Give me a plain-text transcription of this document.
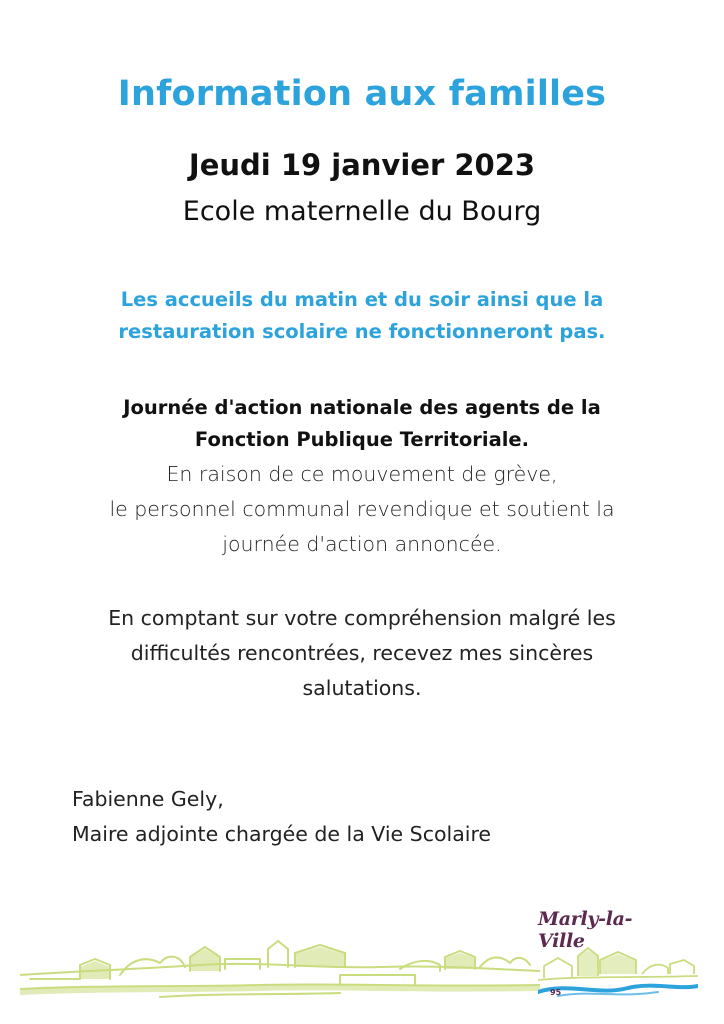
Information aux familles

Jeudi 19 janvier 2023

Ecole maternelle du Bourg

Les accueils du matin et du soir ainsi que la
restauration scolaire ne fonctionneront pas.

Journée d'action nationale des agents de la
Fonction Publique Territoriale.

En raison de ce mouvement de grève,
le personnel communal revendique et soutient la
journée d'action annoncée.

En comptant sur votre compréhension malgré les
difficultés rencontrées, recevez mes sincères
salutations.

Fabienne Gely,
Maire adjointe chargée de la Vie Scolaire

Marly-la-Ville
95
